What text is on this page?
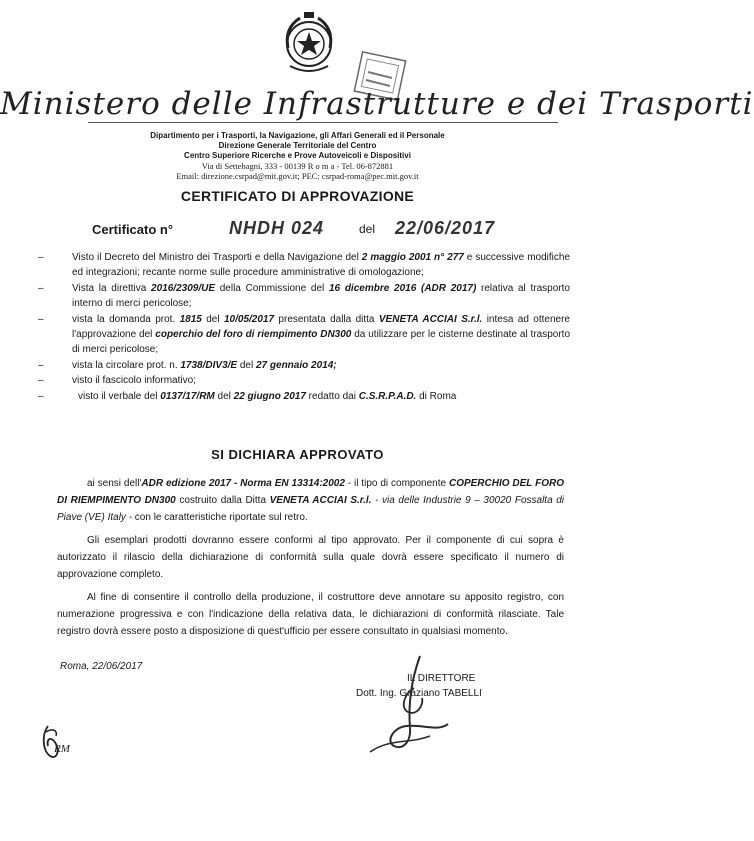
Ministero delle Infrastrutture e dei Trasporti
Dipartimento per i Trasporti, la Navigazione, gli Affari Generali ed il Personale
Direzione Generale Territoriale del Centro
Centro Superiore Ricerche e Prove Autoveicoli e Dispositivi
Via di Settebagni, 333 - 00139 R o m a - Tel. 06-872881
Email: direzione.csrpad@mit.gov.it; PEC: csrpad-roma@pec.mit.gov.it
CERTIFICATO DI APPROVAZIONE
Certificato n°	NHDH 024	del 22/06/2017
–	Visto il Decreto del Ministro dei Trasporti e della Navigazione del 2 maggio 2001 n° 277 e successive modifiche ed integrazioni; recante norme sulle procedure amministrative di omologazione;
–	Vista la direttiva 2016/2309/UE della Commissione del 16 dicembre 2016 (ADR 2017) relativa al trasporto interno di merci pericolose;
–	vista la domanda prot. 1815 del 10/05/2017 presentata dalla ditta VENETA ACCIAI S.r.l. intesa ad ottenere l'approvazione del coperchio del foro di riempimento DN300 da utilizzare per le cisterne destinate al trasporto di merci pericolose;
–	vista la circolare prot. n. 1738/DIV3/E del 27 gennaio 2014;
–	visto il fascicolo informativo;
–	visto il verbale del 0137/17/RM del 22 giugno 2017 redatto dai C.S.R.P.A.D. di Roma
SI DICHIARA APPROVATO

ai sensi dell'ADR edizione 2017 - Norma EN 13314:2002 - il tipo di componente COPERCHIO DEL FORO DI RIEMPIMENTO DN300 costruito dalla Ditta VENETA ACCIAI S.r.l. - via delle Industrie 9 – 30020 Fossalta di Piave (VE) Italy - con le caratteristiche riportate sul retro.

Gli esemplari prodotti dovranno essere conformi al tipo approvato. Per il componente di cui sopra è autorizzato il rilascio della dichiarazione di conformità sulla quale dovrà essere specificato il numero di approvazione completo.

Al fine di consentire il controllo della produzione, il costruttore deve annotare su apposito registro, con numerazione progressiva e con l'indicazione della relativa data, le dichiarazioni di conformità rilasciate. Tale registro dovrà essere posto a disposizione di quest'ufficio per essere consultato in qualsiasi momento.

Roma, 22/06/2017
IL DIRETTORE
Dott. Ing. Graziano TABELLI
RM
